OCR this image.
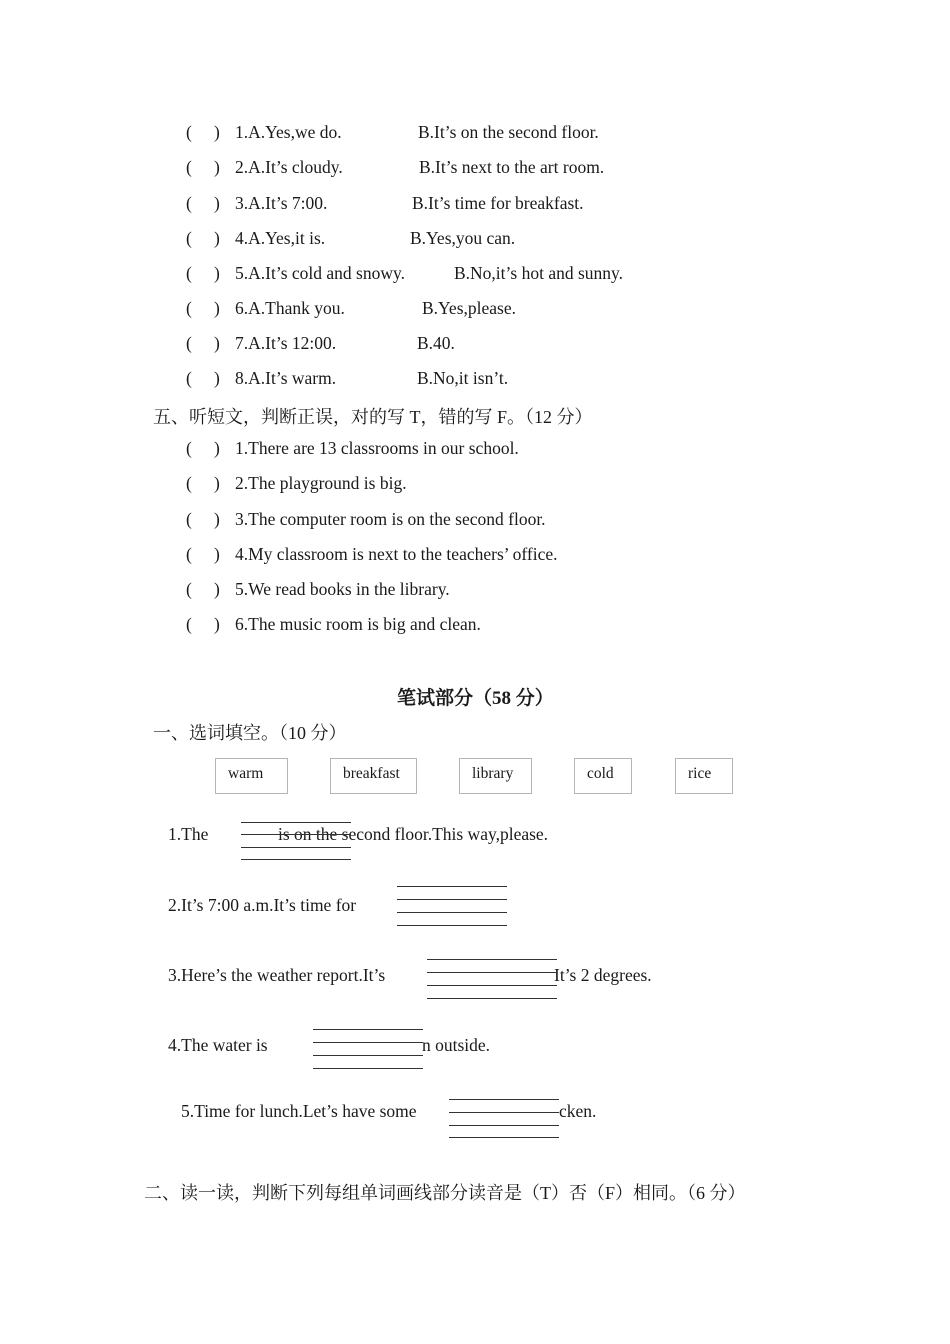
( ) 1.A.Yes,we do.	B.It’s on the second floor.
( ) 2.A.It’s cloudy.	B.It’s next to the art room.
( ) 3.A.It’s 7:00.	B.It’s time for breakfast.
( ) 4.A.Yes,it is.	B.Yes,you can.
( ) 5.A.It’s cold and snowy.	B.No,it’s hot and sunny.
( ) 6.A.Thank you.	B.Yes,please.
( ) 7.A.It’s 12:00.	B.40.
( ) 8.A.It’s warm.	B.No,it isn’t.
五、听短文，判断正误，对的写 T，错的写 F。（12 分）
( ) 1.There are 13 classrooms in our school.
( ) 2.The playground is big.
( ) 3.The computer room is on the second floor.
( ) 4.My classroom is next to the teachers’ office.
( ) 5.We read books in the library.
( ) 6.The music room is big and clean.
笔试部分（58 分）
一、选词填空。（10 分）
warm	breakfast	library	cold	rice
1.The	is on the second floor.This way,please.
2.It’s 7:00 a.m.It’s time for
3.Here’s the weather report.It’s	It’s 2 degrees.
4.The water is	n outside.
5.Time for lunch.Let’s have some	cken.
二、读一读，判断下列每组单词画线部分读音是（T）否（F）相同。（6 分）
